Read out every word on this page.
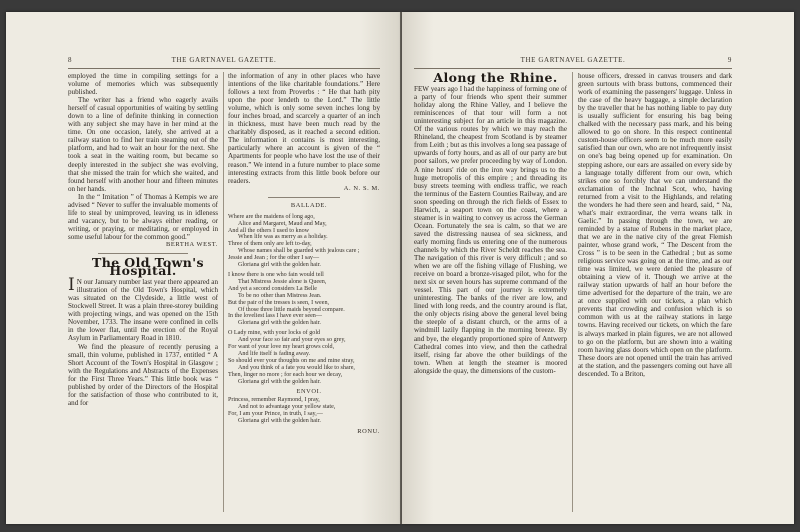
8	THE GARTNAVEL GAZETTE.

employed the time in compiling settings for a volume of memories which was subsequently published.

The writer has a friend who eagerly avails herself of casual opportunities of waiting by settling down to a line of definite thinking in connection with any subject she may have in her mind at the time. On one occasion, lately, she arrived at a railway station to find her train steaming out of the platform, and had to wait an hour for the next. She took a seat in the waiting room, but became so deeply interested in the subject she was evolving, that she missed the train for which she waited, and found herself with another hour and fifteen minutes on her hands.

In the “ Imitation ” of Thomas à Kempis we are advised “ Never to suffer the invaluable moments of life to steal by unimproved, leaving us in idleness and vacancy, but to be always either reading, or writing, or praying, or meditating, or employed in some useful labour for the common good.”

BERTHA WEST.

The Old Town's Hospital.

I N our January number last year there appeared an illustration of the Old Town's Hospital, which was situated on the Clydeside, a little west of Stockwell Street. It was a plain three-storey building with projecting wings, and was opened on the 15th November, 1733. The insane were confined in cells in the lower flat, until the erection of the Royal Asylum in Parliamentary Road in 1810.

We find the pleasure of recently perusing a small, thin volume, published in 1737, entitled “ A Short Account of the Town's Hospital in Glasgow ; with the Regulations and Abstracts of the Expenses for the First Three Years.” This little book was “ published by order of the Directors of the Hospital for the satisfaction of those who contributed to it, and for

the information of any in other places who have intentions of the like charitable foundations.” Here follows a text from Proverbs : “ He that hath pity upon the poor lendeth to the Lord.” The little volume, which is only some seven inches long by four inches broad, and scarcely a quarter of an inch in thickness, must have been much read by the charitably disposed, as it reached a second edition. The information it contains is most interesting, particularly where an account is given of the “ Apartments for people who have lost the use of their reason.” We intend in a future number to place some interesting extracts from this little book before our readers.

A. N. S. M.

BALLADE.

Where are the maidens of long ago,
Alice and Margaret, Maud and May,
And all the others I used to know
When life was as merry as a holiday.
Three of them only are left to-day,
Whose names shall be guarded with jealous care ;
Jessie and Jean ; for the other I say—
Gloriana girl with the golden hair.
I know there is one who fain would tell
That Mistress Jessie alone is Queen,
And yet a second considers La Belle
To be no other than Mistress Jean.
But the pair of the tresses is seen, I ween,
Of those three little maids beyond compare.
In the loveliest lass I have ever seen—
Gloriana girl with the golden hair.
O Lady mine, with your locks of gold
And your face so fair and your eyes so grey,
For want of your love my heart grows cold,
And life itself is fading away.
So should ever your thoughts on me and mine stray,
And you think of a fate you would like to share,
Then, linger no more ; for each hour we decay,
Gloriana girl with the golden hair.

ENVOI.

Princess, remember Raymond, I pray,
And not to advantage your yellow state,
For, I am your Prince, in truth, I say,—
Gloriana girl with the golden hair.

RONU.

THE GARTNAVEL GAZETTE.	9

Along the Rhine.

FEW years ago I had the happiness of forming one of a party of four friends who spent their summer holiday along the Rhine Valley, and I believe the reminiscences of that tour will form a not uninteresting subject for an article in this magazine. Of the various routes by which we may reach the Rhineland, the cheapest from Scotland is by steamer from Leith ; but as this involves a long sea passage of upwards of forty hours, and as all of our party are but poor sailors, we prefer proceeding by way of London. A nine hours' ride on the iron way brings us to the huge metropolis of this empire ; and threading its busy streets teeming with endless traffic, we reach the terminus of the Eastern Counties Railway, and are soon speeding on through the rich fields of Essex to Harwich, a seaport town on the coast, where a steamer is in waiting to convey us across the German Ocean. Fortunately the sea is calm, so that we are saved the distressing nausea of sea sickness, and early morning finds us entering one of the numerous channels by which the River Scheldt reaches the sea. The navigation of this river is very difficult ; and so when we are off the fishing village of Flushing, we receive on board a bronze-visaged pilot, who for the next six or seven hours has supreme command of the vessel. This part of our journey is extremely uninteresting. The banks of the river are low, and lined with long reeds, and the country around is flat, the only objects rising above the general level being the steeple of a distant church, or the arms of a windmill lazily flapping in the morning breeze. By and bye, the elegantly proportioned spire of Antwerp Cathedral comes into view, and then the cathedral itself, rising far above the other buildings of the town. When at length the steamer is moored alongside the quay, the dimensions of the custom-

house officers, dressed in canvas trousers and dark green surtouts with brass buttons, commenced their work of examining the passengers' luggage. Unless in the case of the heavy baggage, a simple declaration by the traveller that he has nothing liable to pay duty is usually sufficient for ensuring his bag being chalked with the necessary pass mark, and his being allowed to go on shore. In this respect continental custom-house officers seem to be much more easily satisfied than our own, who are not infrequently insist on one's bag being opened up for examination. On stepping ashore, our ears are assailed on every side by a language totally different from our own, which strikes one so forcibly that we can understand the exclamation of the Inchnal Scot, who, having returned from a visit to the Highlands, and relating the wonders he had there seen and heard, said, “ Na, what's mair extraordinar, the verra weans talk in Gaelic.” In passing through the town, we are reminded by a statue of Rubens in the market place, that we are in the native city of the great Flemish painter, whose grand work, “ The Descent from the Cross ” is to be seen in the Cathedral ; but as some religious service was going on at the time, and as our time was limited, we were denied the pleasure of obtaining a view of it. Though we arrive at the railway station upwards of half an hour before the time advertised for the departure of the train, we are at once supplied with our tickets, a plan which prevents that crowding and confusion which is so common with us at the railway stations in large towns. Having received our tickets, on which the fare is always marked in plain figures, we are not allowed to go on the platform, but are shown into a waiting room having glass doors which open on the platform. These doors are not opened until the train has arrived at the station, and the passengers coming out have all descended. To a Briton,
